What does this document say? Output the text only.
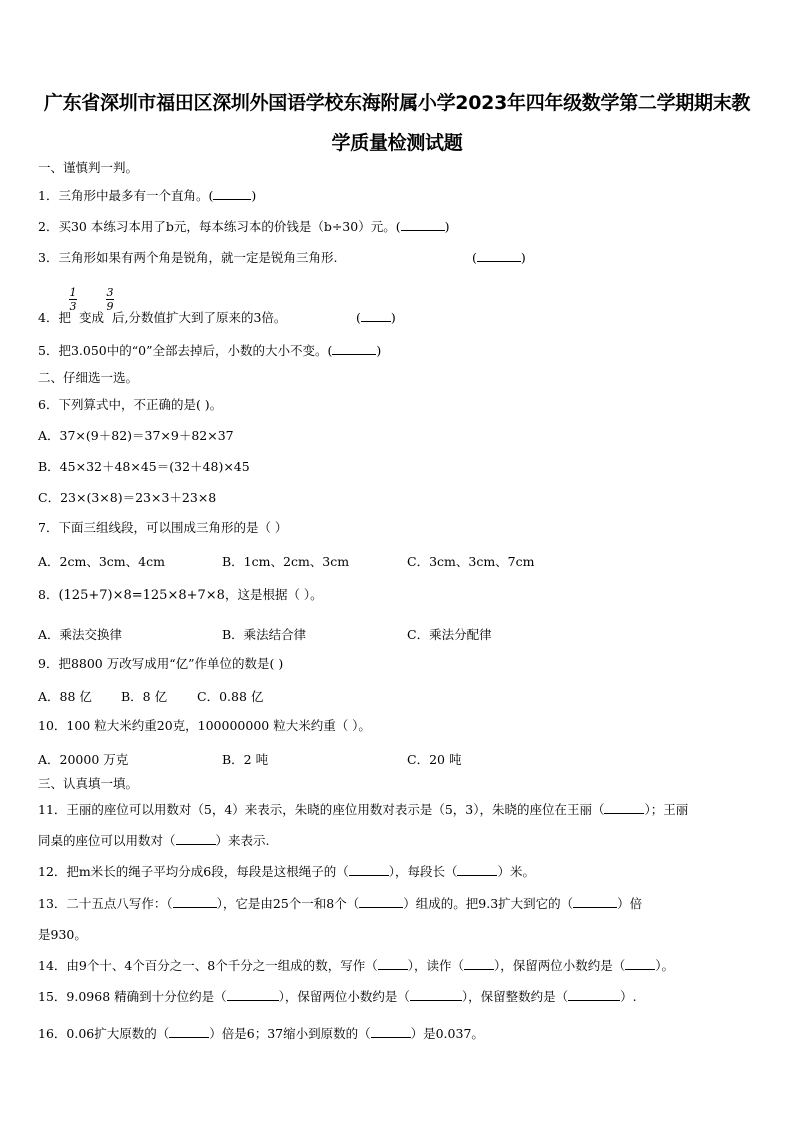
广东省深圳市福田区深圳外国语学校东海附属小学2023年四年级数学第二学期期末教
学质量检测试题
一、谨慎判一判。
1．三角形中最多有一个直角。(	)
2．买30 本练习本用了b元，每本练习本的价钱是（b÷30）元。(	)
3．三角形如果有两个角是锐角，就一定是锐角三角形.	(	)
1
3
3
9
4．把 变成 后,分数值扩大到了原来的3倍。	( )
5．把3.050中的“0”全部去掉后，小数的大小不变。(	)
二、仔细选一选。
6．下列算式中，不正确的是( )。
A．37×(9＋82)＝37×9＋82×37
B．45×32＋48×45＝(32＋48)×45
C．23×(3×8)＝23×3＋23×8
7．下面三组线段，可以围成三角形的是（ ）
A．2cm、3cm、4cm	B．1cm、2cm、3cm	C．3cm、3cm、7cm
8．(125+7)×8=125×8+7×8，这是根据（ ）。
A．乘法交换律	B．乘法结合律	C．乘法分配律
9．把8800 万改写成用“亿”作单位的数是( )
A．88 亿 B．8 亿 C．0.88 亿
10．100 粒大米约重20克，100000000 粒大米约重（ ）。
A．20000 万克	B．2 吨	C．20 吨
三、认真填一填。
11．王丽的座位可以用数对（5，4）来表示，朱晓的座位用数对表示是（5，3），朱晓的座位在王丽（	）；王丽
同桌的座位可以用数对（	）来表示.
12．把m米长的绳子平均分成6段，每段是这根绳子的（	），每段长（	）米。
13．二十五点八写作：（	），它是由25个一和8个（	）组成的。把9.3扩大到它的（	）倍
是930。
14．由9个十、4个百分之一、8个千分之一组成的数，写作（ ），读作（ ），保留两位小数约是（ ）。
15．9.0968 精确到十分位约是（	），保留两位小数约是（	），保留整数约是（	）.
16．0.06扩大原数的（	）倍是6；37缩小到原数的（	）是0.037。
